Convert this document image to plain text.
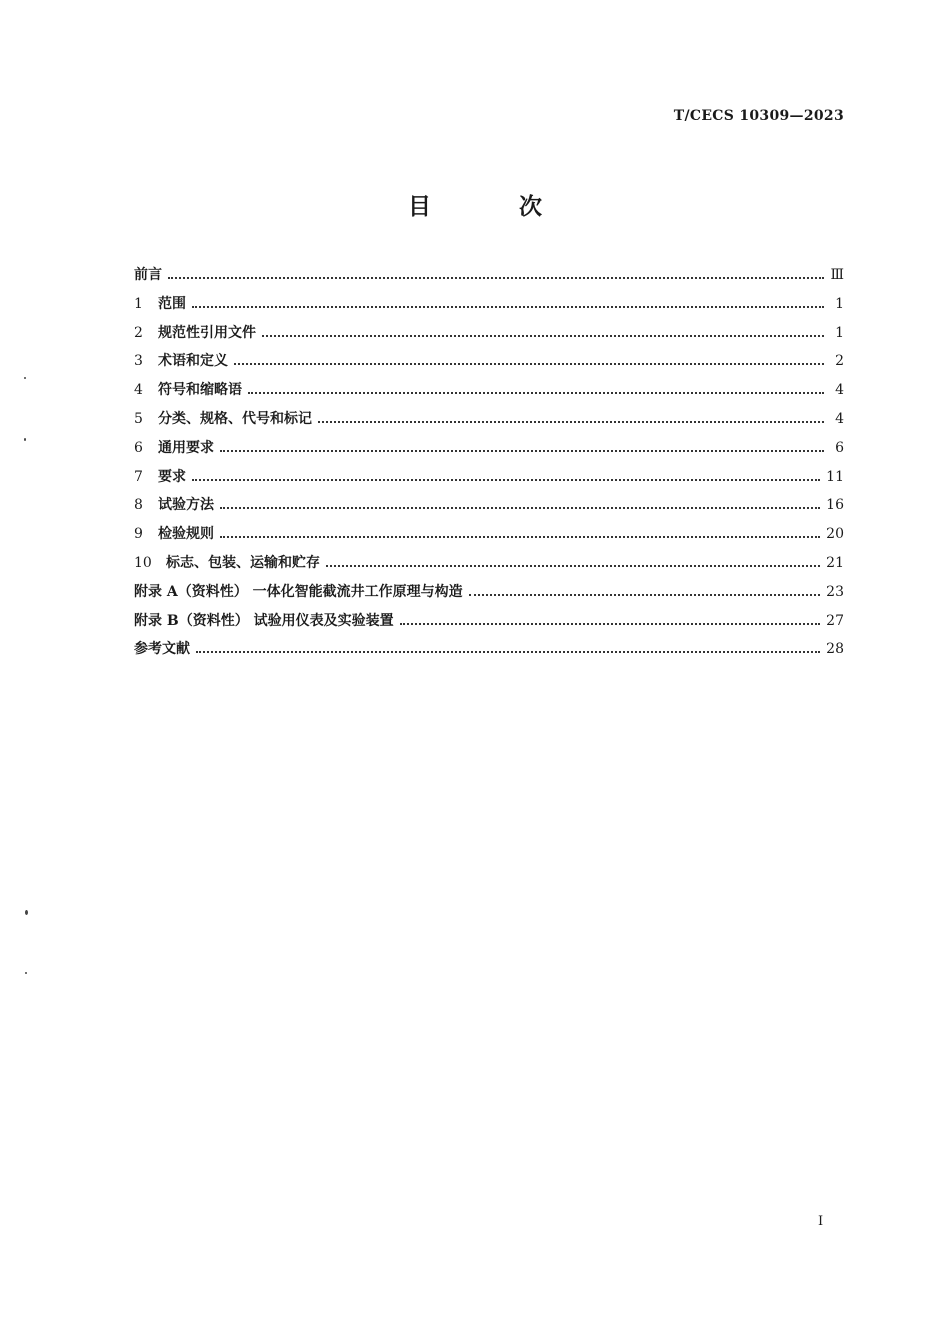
T/CECS 10309—2023
目 次
前言	Ⅲ
1	范围	1
2	规范性引用文件	1
3	术语和定义	2
4	符号和缩略语	4
5	分类、规格、代号和标记	4
6	通用要求	6
7	要求	11
8	试验方法	16
9	检验规则	20
10	标志、包装、运输和贮存	21
附录 A（资料性） 一体化智能截流井工作原理与构造	23
附录 B（资料性） 试验用仪表及实验装置	27
参考文献	28
I
